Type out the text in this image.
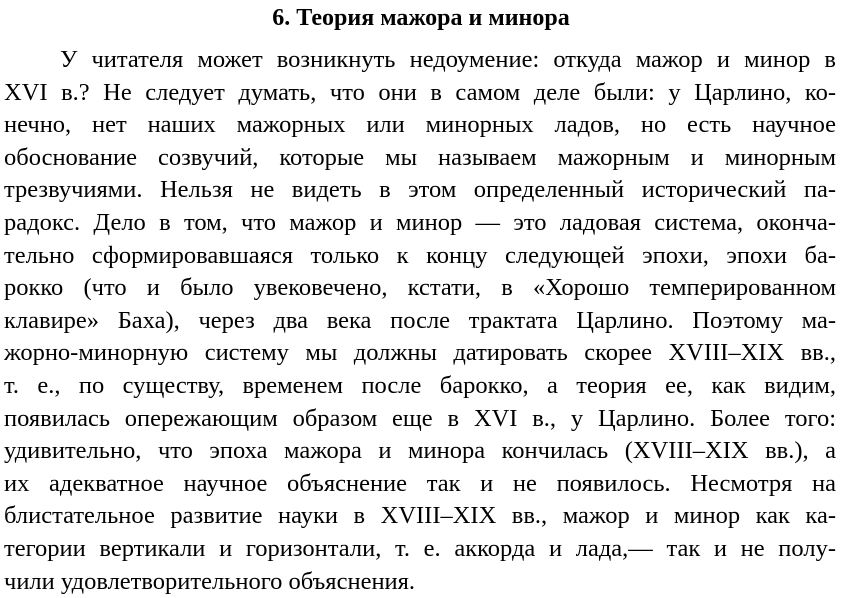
6. Теория мажора и минора
У читателя может возникнуть недоумение: откуда мажор и минор в
XVI в.? Не следует думать, что они в самом деле были: у Царлино, ко-
нечно, нет наших мажорных или минорных ладов, но есть научное
обоснование созвучий, которые мы называем мажорным и минорным
трезвучиями. Нельзя не видеть в этом определенный исторический па-
радокс. Дело в том, что мажор и минор — это ладовая система, оконча-
тельно сформировавшаяся только к концу следующей эпохи, эпохи ба-
рокко (что и было увековечено, кстати, в «Хорошо темперированном
клавире» Баха), через два века после трактата Царлино. Поэтому ма-
жорно-минорную систему мы должны датировать скорее XVIII–XIX вв.,
т. е., по существу, временем после барокко, а теория ее, как видим,
появилась опережающим образом еще в XVI в., у Царлино. Более того:
удивительно, что эпоха мажора и минора кончилась (XVIII–XIX вв.), а
их адекватное научное объяснение так и не появилось. Несмотря на
блистательное развитие науки в XVIII–XIX вв., мажор и минор как ка-
тегории вертикали и горизонтали, т. е. аккорда и лада,— так и не полу-
чили удовлетворительного объяснения.
